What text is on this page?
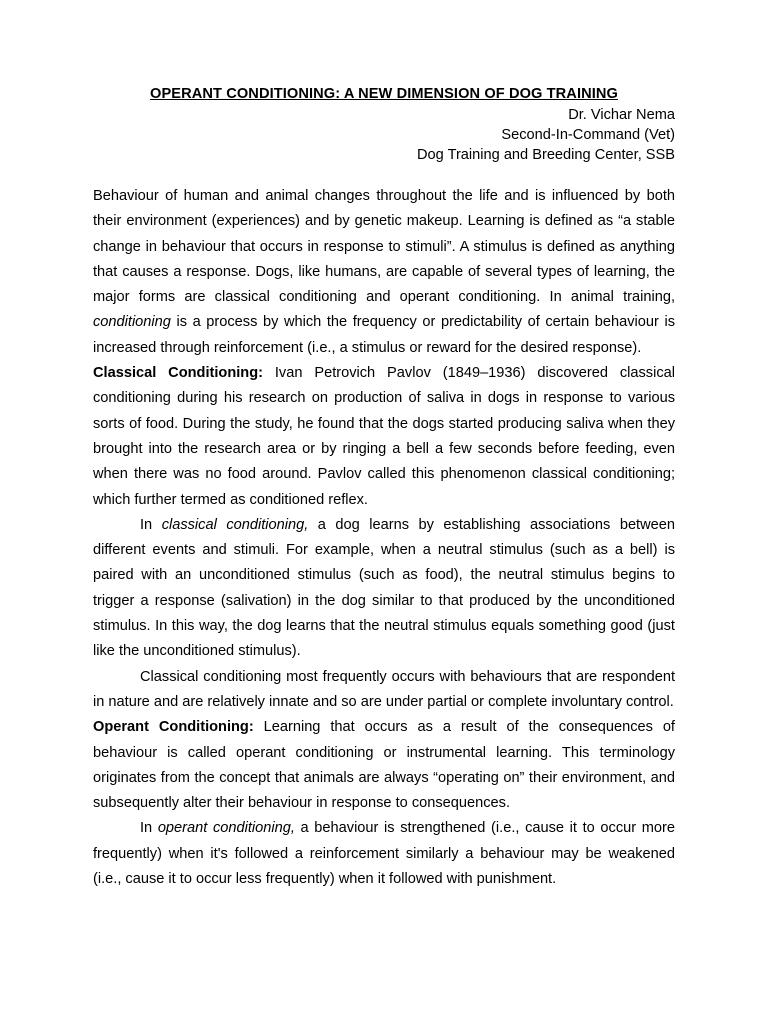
OPERANT CONDITIONING: A NEW DIMENSION OF DOG TRAINING
Dr. Vichar Nema
Second-In-Command (Vet)
Dog Training and Breeding Center, SSB

Behaviour of human and animal changes throughout the life and is influenced by both their environment (experiences) and by genetic makeup. Learning is defined as “a stable change in behaviour that occurs in response to stimuli”. A stimulus is defined as anything that causes a response. Dogs, like humans, are capable of several types of learning, the major forms are classical conditioning and operant conditioning. In animal training, conditioning is a process by which the frequency or predictability of certain behaviour is increased through reinforcement (i.e., a stimulus or reward for the desired response).

Classical Conditioning: Ivan Petrovich Pavlov (1849–1936) discovered classical conditioning during his research on production of saliva in dogs in response to various sorts of food. During the study, he found that the dogs started producing saliva when they brought into the research area or by ringing a bell a few seconds before feeding, even when there was no food around. Pavlov called this phenomenon classical conditioning; which further termed as conditioned reflex.

In classical conditioning, a dog learns by establishing associations between different events and stimuli. For example, when a neutral stimulus (such as a bell) is paired with an unconditioned stimulus (such as food), the neutral stimulus begins to trigger a response (salivation) in the dog similar to that produced by the unconditioned stimulus. In this way, the dog learns that the neutral stimulus equals something good (just like the unconditioned stimulus).

Classical conditioning most frequently occurs with behaviours that are respondent in nature and are relatively innate and so are under partial or complete involuntary control.

Operant Conditioning: Learning that occurs as a result of the consequences of behaviour is called operant conditioning or instrumental learning. This terminology originates from the concept that animals are always “operating on” their environment, and subsequently alter their behaviour in response to consequences.

In operant conditioning, a behaviour is strengthened (i.e., cause it to occur more frequently) when it's followed a reinforcement similarly a behaviour may be weakened (i.e., cause it to occur less frequently) when it followed with punishment.
